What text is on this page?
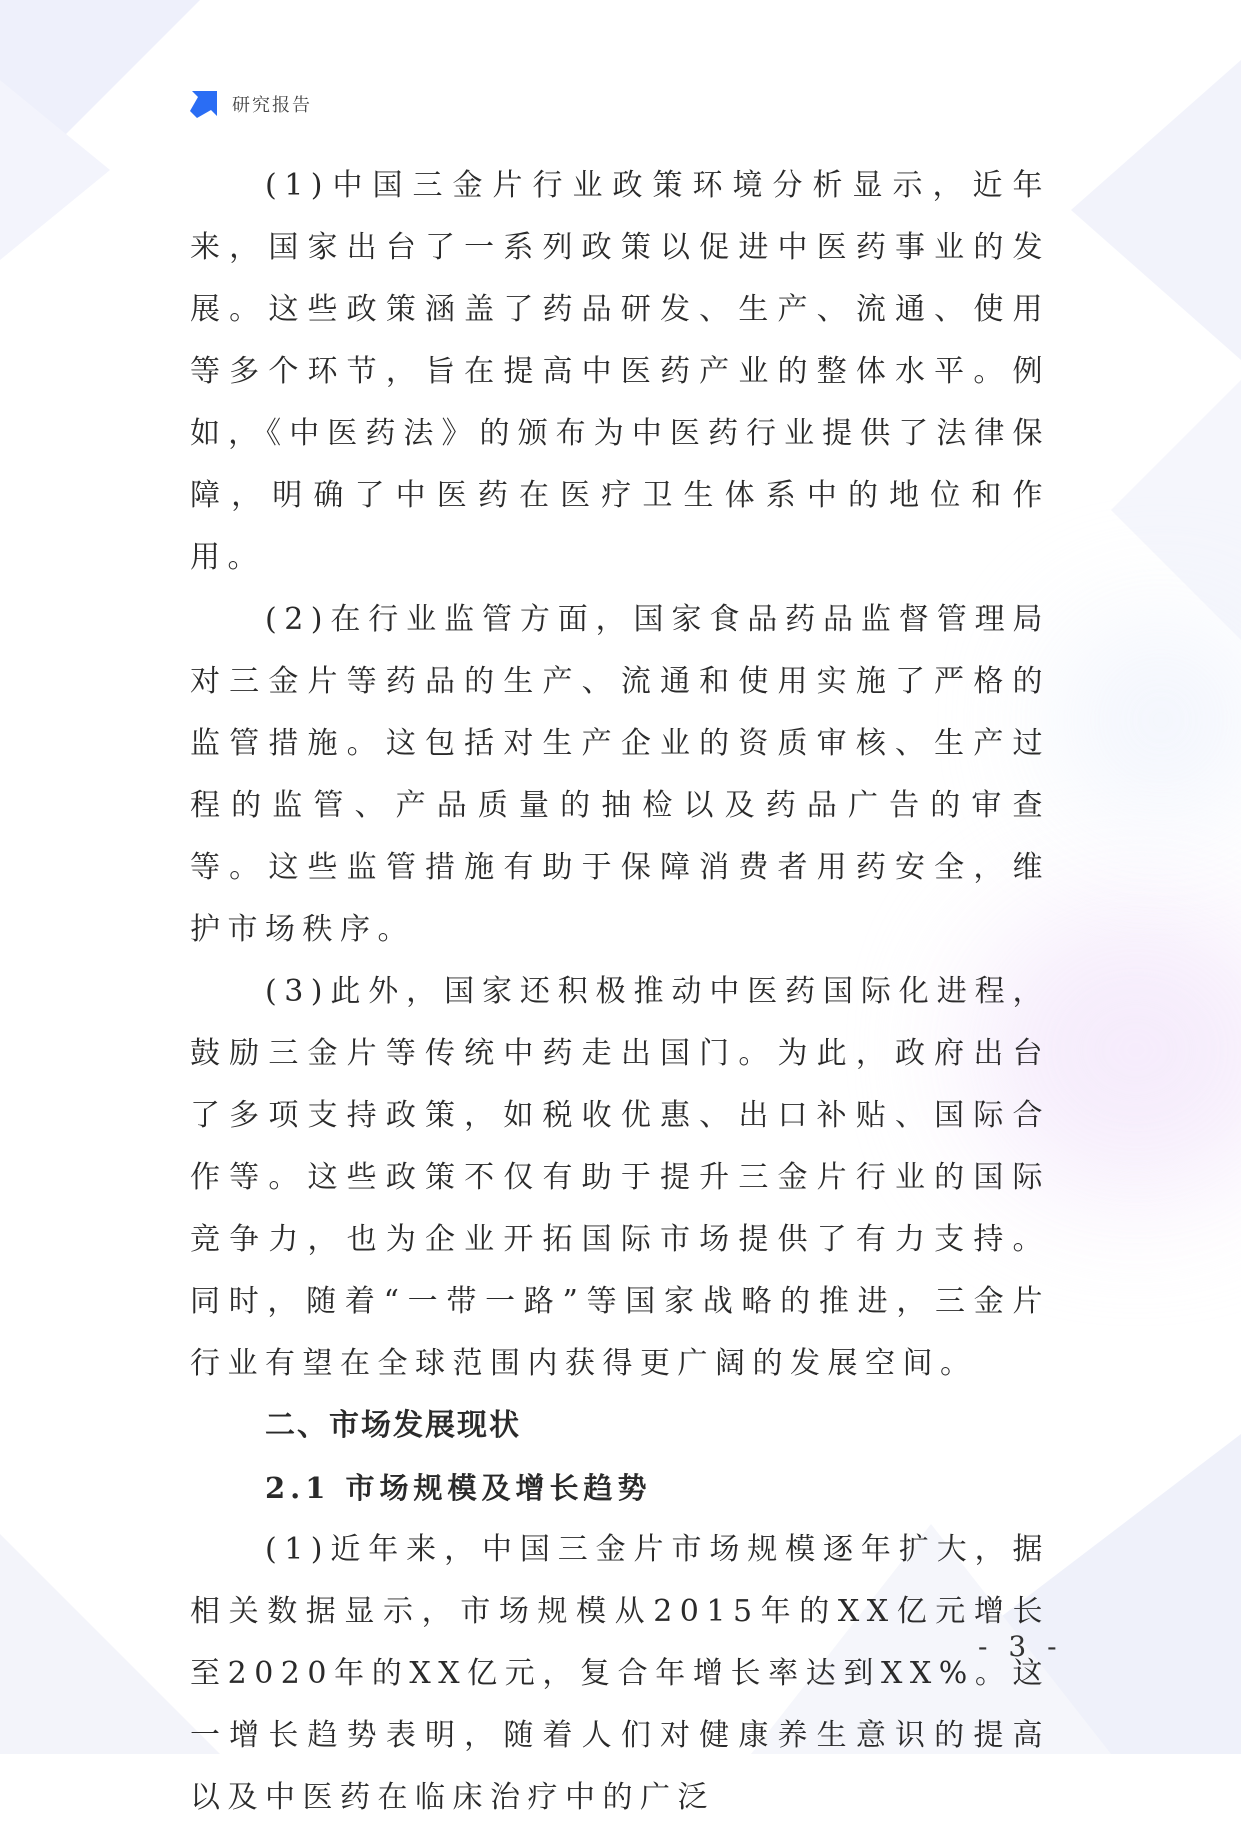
研究报告

(1)中国三金片行业政策环境分析显示，近年来，国家出台了一系列政策以促进中医药事业的发展。这些政策涵盖了药品研发、生产、流通、使用等多个环节，旨在提高中医药产业的整体水平。例如，《中医药法》的颁布为中医药行业提供了法律保障，明确了中医药在医疗卫生体系中的地位和作用。

(2)在行业监管方面，国家食品药品监督管理局对三金片等药品的生产、流通和使用实施了严格的监管措施。这包括对生产企业的资质审核、生产过程的监管、产品质量的抽检以及药品广告的审查等。这些监管措施有助于保障消费者用药安全，维护市场秩序。

(3)此外，国家还积极推动中医药国际化进程，鼓励三金片等传统中药走出国门。为此，政府出台了多项支持政策，如税收优惠、出口补贴、国际合作等。这些政策不仅有助于提升三金片行业的国际竞争力，也为企业开拓国际市场提供了有力支持。同时，随着“一带一路”等国家战略的推进，三金片行业有望在全球范围内获得更广阔的发展空间。

二、市场发展现状
2.1 市场规模及增长趋势

(1)近年来，中国三金片市场规模逐年扩大，据相关数据显示，市场规模从2015年的XX亿元增长至2020年的XX亿元，复合年增长率达到XX%。这一增长趋势表明，随着人们对健康养生意识的提高以及中医药在临床治疗中的广泛

- 3 -
